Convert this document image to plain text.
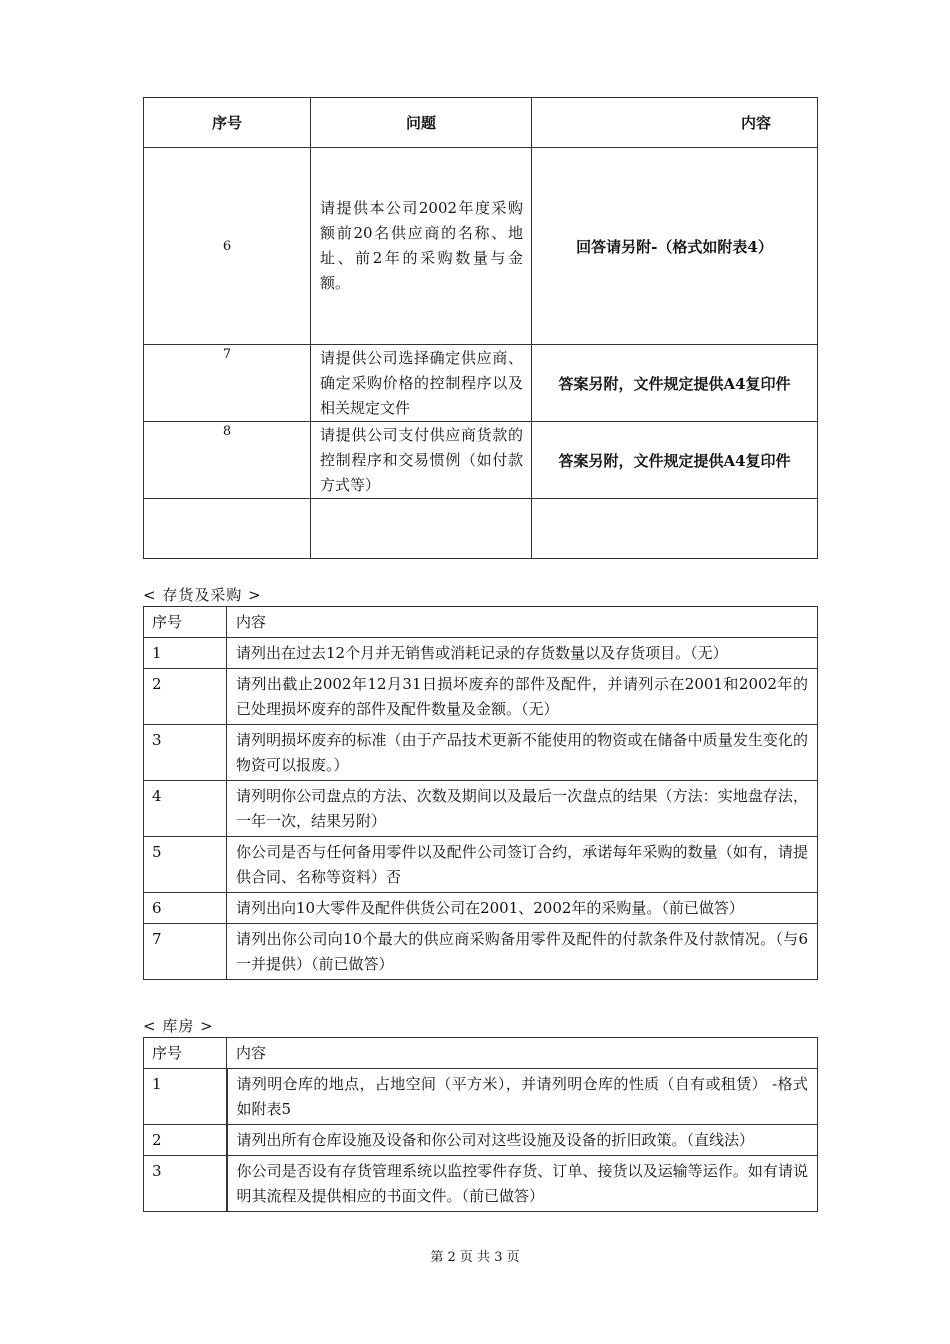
序号	问题	内容
6	请提供本公司2002年度采购额前20名供应商的名称、地址、前2年的采购数量与金额。	回答请另附-（格式如附表4）
7	请提供公司选择确定供应商、确定采购价格的控制程序以及相关规定文件	答案另附，文件规定提供A4复印件
8	请提供公司支付供应商货款的控制程序和交易惯例（如付款方式等）	答案另附，文件规定提供A4复印件

< 存货及采购 >
序号	内容
1	请列出在过去12个月并无销售或消耗记录的存货数量以及存货项目。（无）
2	请列出截止2002年12月31日损坏废弃的部件及配件，并请列示在2001和2002年的已处理损坏废弃的部件及配件数量及金额。（无）
3	请列明损坏废弃的标准（由于产品技术更新不能使用的物资或在储备中质量发生变化的物资可以报废。）
4	请列明你公司盘点的方法、次数及期间以及最后一次盘点的结果（方法：实地盘存法，一年一次，结果另附）
5	你公司是否与任何备用零件以及配件公司签订合约，承诺每年采购的数量（如有，请提供合同、名称等资料）否
6	请列出向10大零件及配件供货公司在2001、2002年的采购量。（前已做答）
7	请列出你公司向10个最大的供应商采购备用零件及配件的付款条件及付款情况。（与6一并提供）（前已做答）
< 库房 >
序号	内容
1	请列明仓库的地点，占地空间（平方米），并请列明仓库的性质（自有或租赁） -格式如附表5
2	请列出所有仓库设施及设备和你公司对这些设施及设备的折旧政策。（直线法）
3	你公司是否设有存货管理系统以监控零件存货、订单、接货以及运输等运作。如有请说明其流程及提供相应的书面文件。（前已做答）
第 2 页 共 3 页
